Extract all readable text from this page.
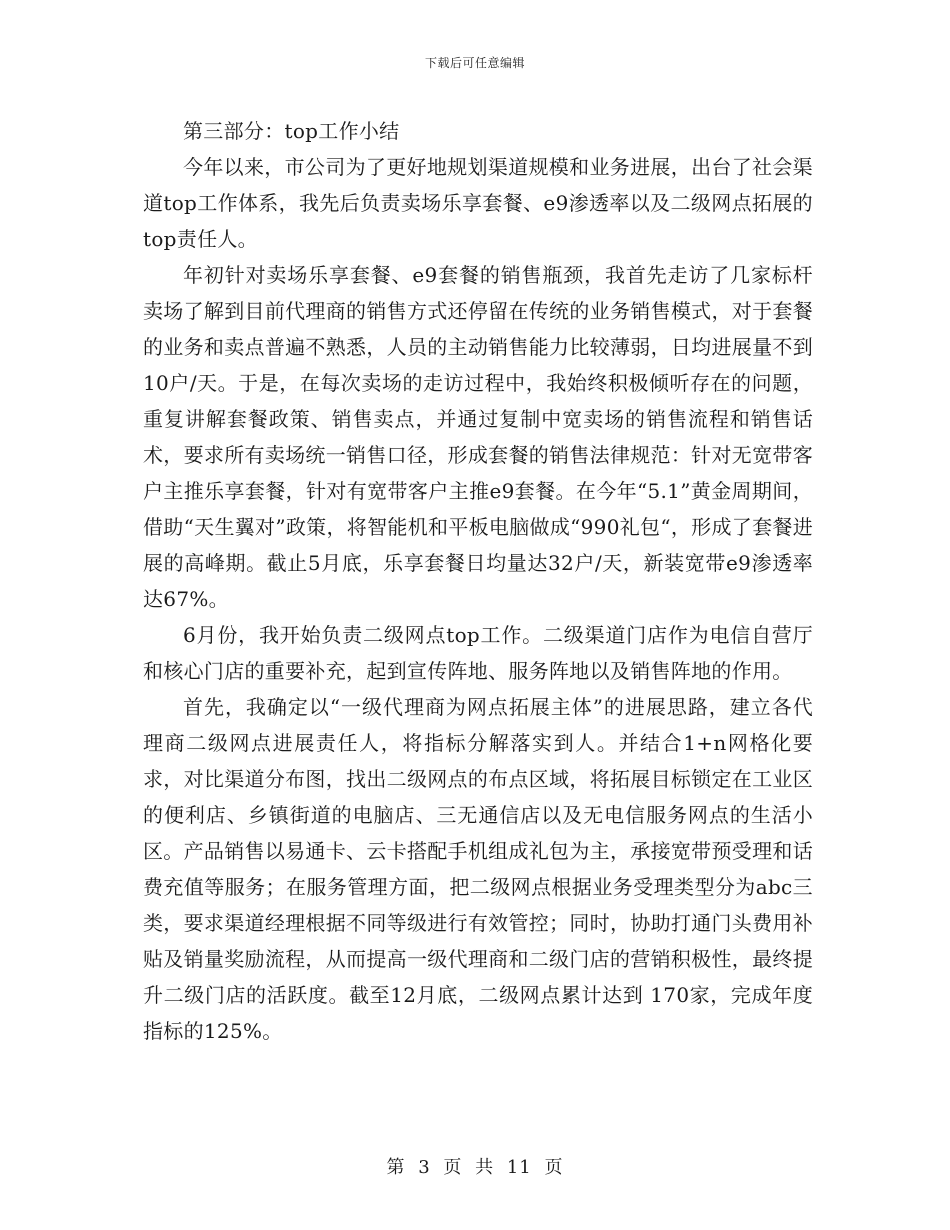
下载后可任意编辑

第三部分：top工作小结

今年以来，市公司为了更好地规划渠道规模和业务进展，出台了社会渠道top工作体系，我先后负责卖场乐享套餐、e9渗透率以及二级网点拓展的top责任人。

年初针对卖场乐享套餐、e9套餐的销售瓶颈，我首先走访了几家标杆卖场了解到目前代理商的销售方式还停留在传统的业务销售模式，对于套餐的业务和卖点普遍不熟悉，人员的主动销售能力比较薄弱，日均进展量不到10户/天。于是，在每次卖场的走访过程中，我始终积极倾听存在的问题，重复讲解套餐政策、销售卖点，并通过复制中宽卖场的销售流程和销售话术，要求所有卖场统一销售口径，形成套餐的销售法律规范：针对无宽带客户主推乐享套餐，针对有宽带客户主推e9套餐。在今年“5.1”黄金周期间，借助“天生翼对”政策，将智能机和平板电脑做成“990礼包“，形成了套餐进展的高峰期。截止5月底，乐享套餐日均量达32户/天，新装宽带e9渗透率达67%。

6月份，我开始负责二级网点top工作。二级渠道门店作为电信自营厅和核心门店的重要补充，起到宣传阵地、服务阵地以及销售阵地的作用。

首先，我确定以“一级代理商为网点拓展主体”的进展思路，建立各代理商二级网点进展责任人，将指标分解落实到人。并结合1+n网格化要求，对比渠道分布图，找出二级网点的布点区域，将拓展目标锁定在工业区的便利店、乡镇街道的电脑店、三无通信店以及无电信服务网点的生活小区。产品销售以易通卡、云卡搭配手机组成礼包为主，承接宽带预受理和话费充值等服务；在服务管理方面，把二级网点根据业务受理类型分为abc三类，要求渠道经理根据不同等级进行有效管控；同时，协助打通门头费用补贴及销量奖励流程，从而提高一级代理商和二级门店的营销积极性，最终提升二级门店的活跃度。截至12月底，二级网点累计达到 170家，完成年度指标的125%。

第 3 页 共 11 页
